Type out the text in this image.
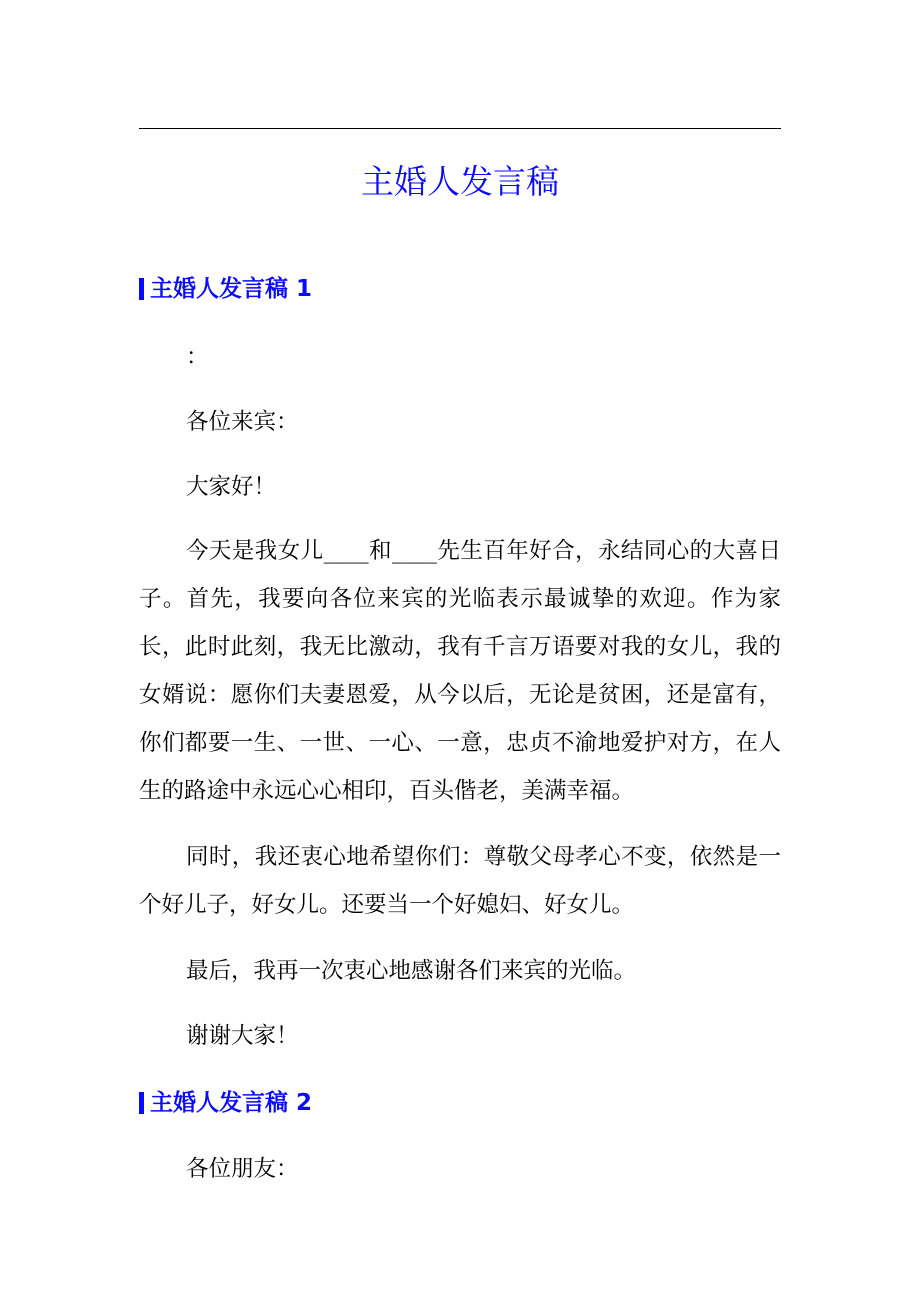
主婚人发言稿
主婚人发言稿 1

：

各位来宾：

大家好！

今天是我女儿____和____先生百年好合，永结同心的大喜日子。首先，我要向各位来宾的光临表示最诚挚的欢迎。作为家长，此时此刻，我无比激动，我有千言万语要对我的女儿，我的女婿说：愿你们夫妻恩爱，从今以后，无论是贫困，还是富有，你们都要一生、一世、一心、一意，忠贞不渝地爱护对方，在人生的路途中永远心心相印，百头偕老，美满幸福。

同时，我还衷心地希望你们：尊敬父母孝心不变，依然是一个好儿子，好女儿。还要当一个好媳妇、好女儿。

最后，我再一次衷心地感谢各们来宾的光临。

谢谢大家！

主婚人发言稿 2

各位朋友：
